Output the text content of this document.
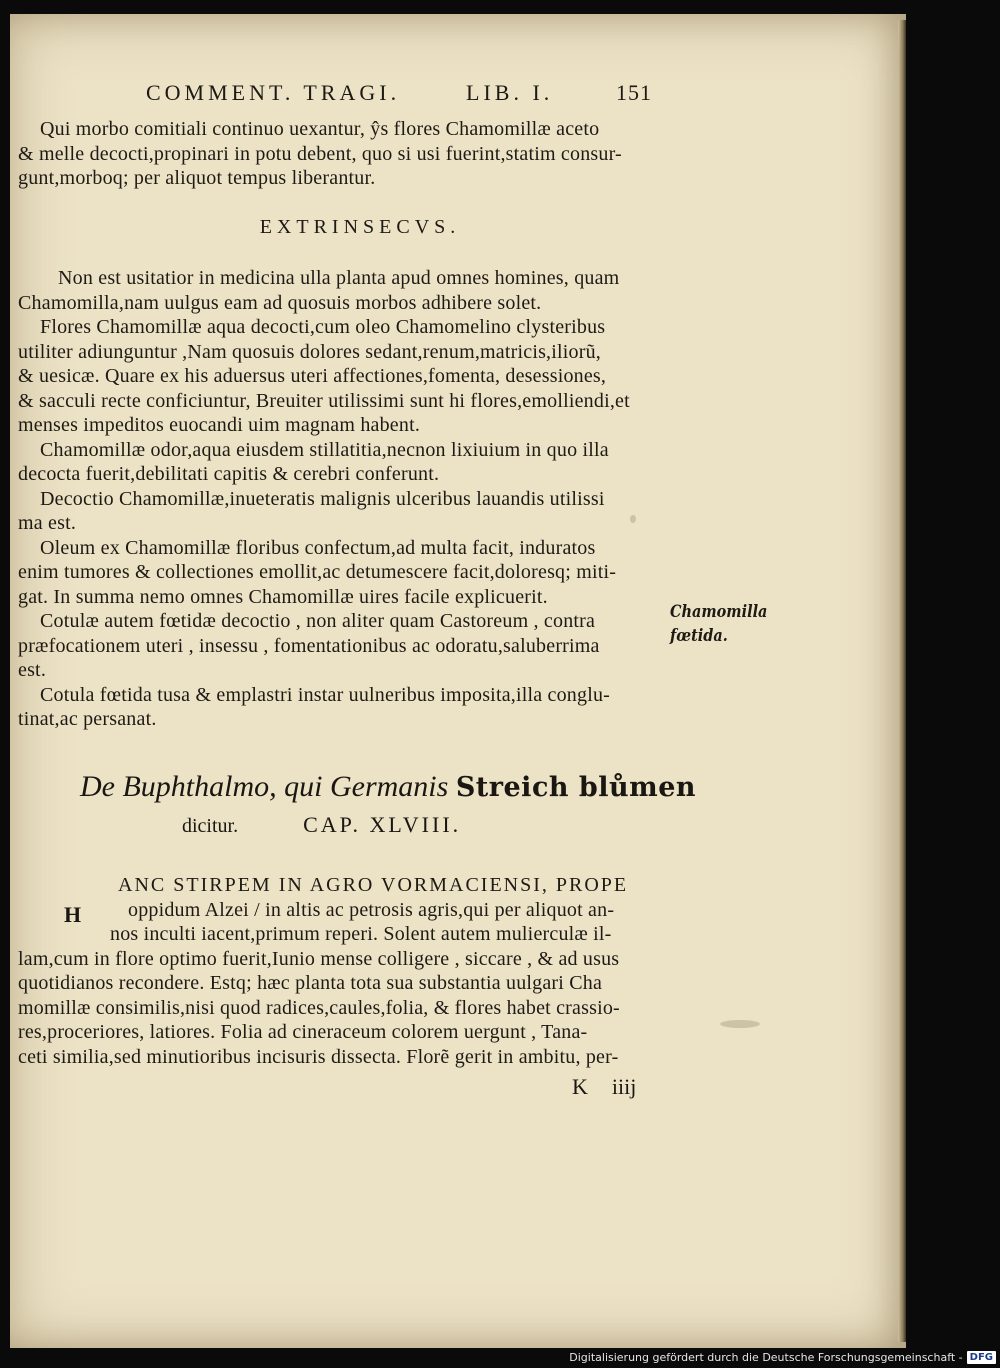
COMMENT. TRAGI.	LIB. I.	151
Qui morbo comitiali continuo uexantur, ŷs flores Chamomillæ aceto
& melle decocti,propinari in potu debent, quo si usi fuerint,statim consur-
gunt,morboq; per aliquot tempus liberantur.
EXTRINSECVS.
Non est usitatior in medicina ulla planta apud omnes homines, quam
Chamomilla,nam uulgus eam ad quosuis morbos adhibere solet.
Flores Chamomillæ aqua decocti,cum oleo Chamomelino clysteribus
utiliter adiunguntur ,Nam quosuis dolores sedant,renum,matricis,iliorũ,
& uesicæ. Quare ex his aduersus uteri affectiones,fomenta, desessiones,
& sacculi recte conficiuntur, Breuiter utilissimi sunt hi flores,emolliendi,et
menses impeditos euocandi uim magnam habent.
Chamomillæ odor,aqua eiusdem stillatitia,necnon lixiuium in quo illa
decocta fuerit,debilitati capitis & cerebri conferunt.
Decoctio Chamomillæ,inueteratis malignis ulceribus lauandis utilissi
ma est.
Oleum ex Chamomillæ floribus confectum,ad multa facit, induratos
enim tumores & collectiones emollit,ac detumescere facit,doloresq; miti-
gat. In summa nemo omnes Chamomillæ uires facile explicuerit.
Cotulæ autem fœtidæ decoctio , non aliter quam Castoreum , contra
præfocationem uteri , insessu , fomentationibus ac odoratu,saluberrima
est.
Cotula fœtida tusa & emplastri instar uulneribus imposita,illa conglu-
tinat,ac persanat.
Chamomilla fœtida.
De Buphthalmo, qui Germanis Streich blůmen
dicitur.	CAP. XLVIII.
ANC STIRPEM IN AGRO VORMACIENSI, PROPE
oppidum Alzei / in altis ac petrosis agris,qui per aliquot an-
nos inculti iacent,primum reperi. Solent autem mulierculæ il-
lam,cum in flore optimo fuerit,Iunio mense colligere , siccare , & ad usus
quotidianos recondere. Estq; hæc planta tota sua substantia uulgari Cha
momillæ consimilis,nisi quod radices,caules,folia, & flores habet crassio-
res,proceriores, latiores. Folia ad cineraceum colorem uergunt , Tana-
ceti similia,sed minutioribus incisuris dissecta. Florẽ gerit in ambitu, per-
H
K iiij
Digitalisierung gefördert durch die Deutsche Forschungsgemeinschaft - DFG
